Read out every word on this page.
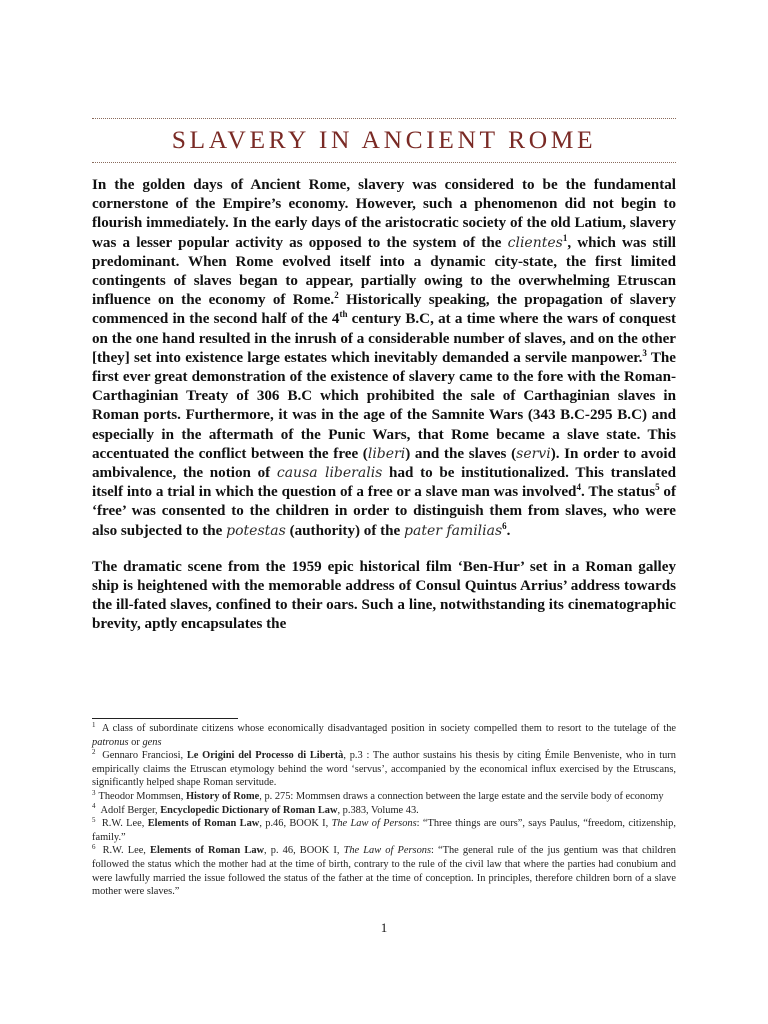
SLAVERY IN ANCIENT ROME

In the golden days of Ancient Rome, slavery was considered to be the fundamental cornerstone of the Empire’s economy. However, such a phenomenon did not begin to flourish immediately. In the early days of the aristocratic society of the old Latium, slavery was a lesser popular activity as opposed to the system of the clientes$^1$, which was still predominant. When Rome evolved itself into a dynamic city-state, the first limited contingents of slaves began to appear, partially owing to the overwhelming Etruscan influence on the economy of Rome.$^2$ Historically speaking, the propagation of slavery commenced in the second half of the 4th century B.C, at a time where the wars of conquest on the one hand resulted in the inrush of a considerable number of slaves, and on the other [they] set into existence large estates which inevitably demanded a servile manpower.$^3$ The first ever great demonstration of the existence of slavery came to the fore with the Roman-Carthaginian Treaty of 306 B.C which prohibited the sale of Carthaginian slaves in Roman ports. Furthermore, it was in the age of the Samnite Wars (343 B.C-295 B.C) and especially in the aftermath of the Punic Wars, that Rome became a slave state. This accentuated the conflict between the free (liberi) and the slaves (servi). In order to avoid ambivalence, the notion of causa liberalis had to be institutionalized. This translated itself into a trial in which the question of a free or a slave man was involved$^4$. The status$^5$ of ‘free’ was consented to the children in order to distinguish them from slaves, who were also subjected to the potestas (authority) of the pater familias$^6$.

The dramatic scene from the 1959 epic historical film ‘Ben-Hur’ set in a Roman galley ship is heightened with the memorable address of Consul Quintus Arrius’ address towards the ill-fated slaves, confined to their oars. Such a line, notwithstanding its cinematographic brevity, aptly encapsulates the

$^1$ A class of subordinate citizens whose economically disadvantaged position in society compelled them to resort to the tutelage of the patronus or gens

$^2$ Gennaro Franciosi, Le Origini del Processo di Libertà, p.3 : The author sustains his thesis by citing Émile Benveniste, who in turn empirically claims the Etruscan etymology behind the word ‘servus’, accompanied by the economical influx exercised by the Etruscans, significantly helped shape Roman servitude.

$^3$ Theodor Mommsen, History of Rome, p. 275: Mommsen draws a connection between the large estate and the servile body of economy

$^4$ Adolf Berger, Encyclopedic Dictionary of Roman Law, p.383, Volume 43.

$^5$ R.W. Lee, Elements of Roman Law, p.46, BOOK I, The Law of Persons: “Three things are ours”, says Paulus, “freedom, citizenship, family.”

$^6$ R.W. Lee, Elements of Roman Law, p. 46, BOOK I, The Law of Persons: “The general rule of the jus gentium was that children followed the status which the mother had at the time of birth, contrary to the rule of the civil law that where the parties had conubium and were lawfully married the issue followed the status of the father at the time of conception. In principles, therefore children born of a slave mother were slaves.”

1
